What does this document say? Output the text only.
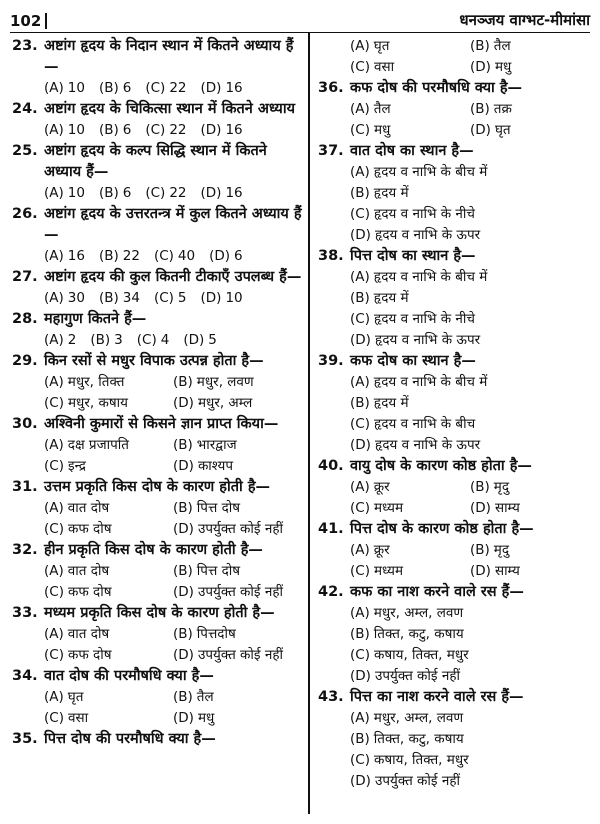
102	धनञ्जय वाग्भट-मीमांसा
23. अष्टांग हृदय के निदान स्थान में कितने अध्याय हैं—
(A) 10 (B) 6 (C) 22 (D) 16
24. अष्टांग हृदय के चिकित्सा स्थान में कितने अध्याय
(A) 10 (B) 6 (C) 22 (D) 16
25. अष्टांग हृदय के कल्प सिद्धि स्थान में कितने अध्याय हैं—
(A) 10 (B) 6 (C) 22 (D) 16
26. अष्टांग हृदय के उत्तरतन्त्र में कुल कितने अध्याय हैं—
(A) 16 (B) 22 (C) 40 (D) 6
27. अष्टांग हृदय की कुल कितनी टीकाएँ उपलब्ध हैं—
(A) 30 (B) 34 (C) 5 (D) 10
28. महागुण कितने हैं—
(A) 2 (B) 3 (C) 4 (D) 5
29. किन रसों से मधुर विपाक उत्पन्न होता है—
(A) मधुर, तिक्त	(B) मधुर, लवण
(C) मधुर, कषाय	(D) मधुर, अम्ल
30. अश्विनी कुमारों से किसने ज्ञान प्राप्त किया—
(A) दक्ष प्रजापति	(B) भारद्वाज
(C) इन्द्र	(D) काश्यप
31. उत्तम प्रकृति किस दोष के कारण होती है—
(A) वात दोष	(B) पित्त दोष
(C) कफ दोष	(D) उपर्युक्त कोई नहीं
32. हीन प्रकृति किस दोष के कारण होती है—
(A) वात दोष	(B) पित्त दोष
(C) कफ दोष	(D) उपर्युक्त कोई नहीं
33. मध्यम प्रकृति किस दोष के कारण होती है—
(A) वात दोष	(B) पित्तदोष
(C) कफ दोष	(D) उपर्युक्त कोई नहीं
34. वात दोष की परमौषधि क्या है—
(A) घृत	(B) तैल
(C) वसा	(D) मधु
35. पित्त दोष की परमौषधि क्या है—
(A) घृत	(B) तैल
(C) वसा	(D) मधु
36. कफ दोष की परमौषधि क्या है—
(A) तैल	(B) तक्र
(C) मधु	(D) घृत
37. वात दोष का स्थान है—
(A) हृदय व नाभि के बीच में
(B) हृदय में
(C) हृदय व नाभि के नीचे
(D) हृदय व नाभि के ऊपर
38. पित्त दोष का स्थान है—
(A) हृदय व नाभि के बीच में
(B) हृदय में
(C) हृदय व नाभि के नीचे
(D) हृदय व नाभि के ऊपर
39. कफ दोष का स्थान है—
(A) हृदय व नाभि के बीच में
(B) हृदय में
(C) हृदय व नाभि के बीच
(D) हृदय व नाभि के ऊपर
40. वायु दोष के कारण कोष्ठ होता है—
(A) क्रूर	(B) मृदु
(C) मध्यम	(D) साम्य
41. पित्त दोष के कारण कोष्ठ होता है—
(A) क्रूर	(B) मृदु
(C) मध्यम	(D) साम्य
42. कफ का नाश करने वाले रस हैं—
(A) मधुर, अम्ल, लवण
(B) तिक्त, कटु, कषाय
(C) कषाय, तिक्त, मधुर
(D) उपर्युक्त कोई नहीं
43. पित्त का नाश करने वाले रस हैं—
(A) मधुर, अम्ल, लवण
(B) तिक्त, कटु, कषाय
(C) कषाय, तिक्त, मधुर
(D) उपर्युक्त कोई नहीं
